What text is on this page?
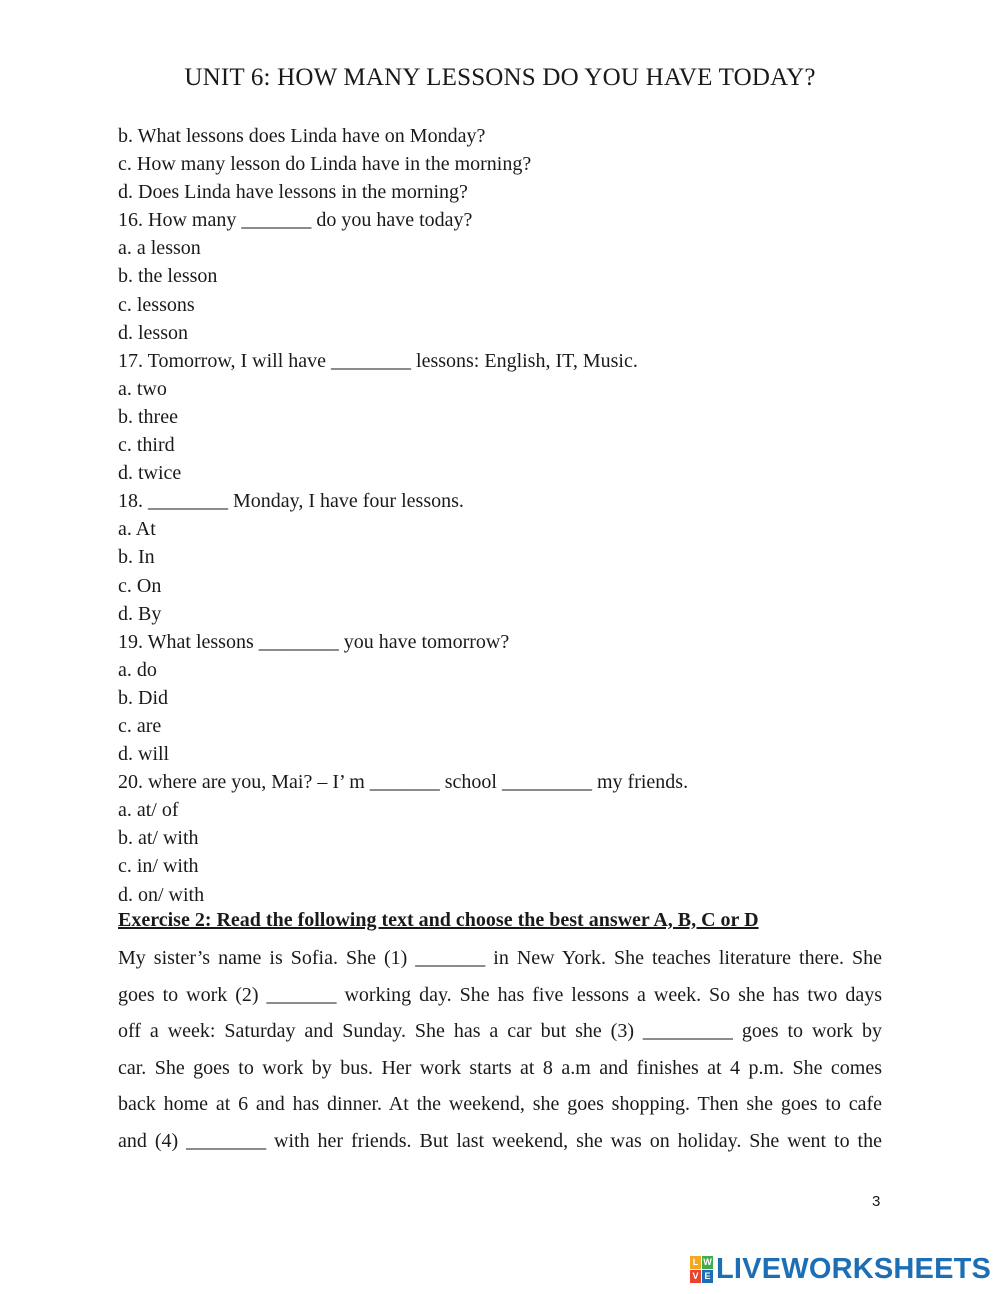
UNIT 6: HOW MANY LESSONS DO YOU HAVE TODAY?
b. What lessons does Linda have on Monday?
c. How many lesson do Linda have in the morning?
d. Does Linda have lessons in the morning?
16. How many _______ do you have today?
a. a lesson
b. the lesson
c. lessons
d. lesson
17. Tomorrow, I will have ________ lessons: English, IT, Music.
a. two
b. three
c. third
d. twice
18. ________ Monday, I have four lessons.
a. At
b. In
c. On
d. By
19. What lessons ________ you have tomorrow?
a. do
b. Did
c. are
d. will
20. where are you, Mai? – I’ m _______ school _________ my friends.
a. at/ of
b. at/ with
c. in/ with
d. on/ with
Exercise 2: Read the following text and choose the best answer A, B, C or D
My sister’s name is Sofia. She (1) _______ in New York. She teaches literature there. She
goes to work (2) _______ working day. She has five lessons a week. So she has two days
off a week: Saturday and Sunday. She has a car but she (3) _________ goes to work by
car. She goes to work by bus. Her work starts at 8 a.m and finishes at 4 p.m. She comes
back home at 6 and has dinner. At the weekend, she goes shopping. Then she goes to cafe
and (4) ________ with her friends. But last weekend, she was on holiday. She went to the
3
L W
V E LIVEWORKSHEETS
